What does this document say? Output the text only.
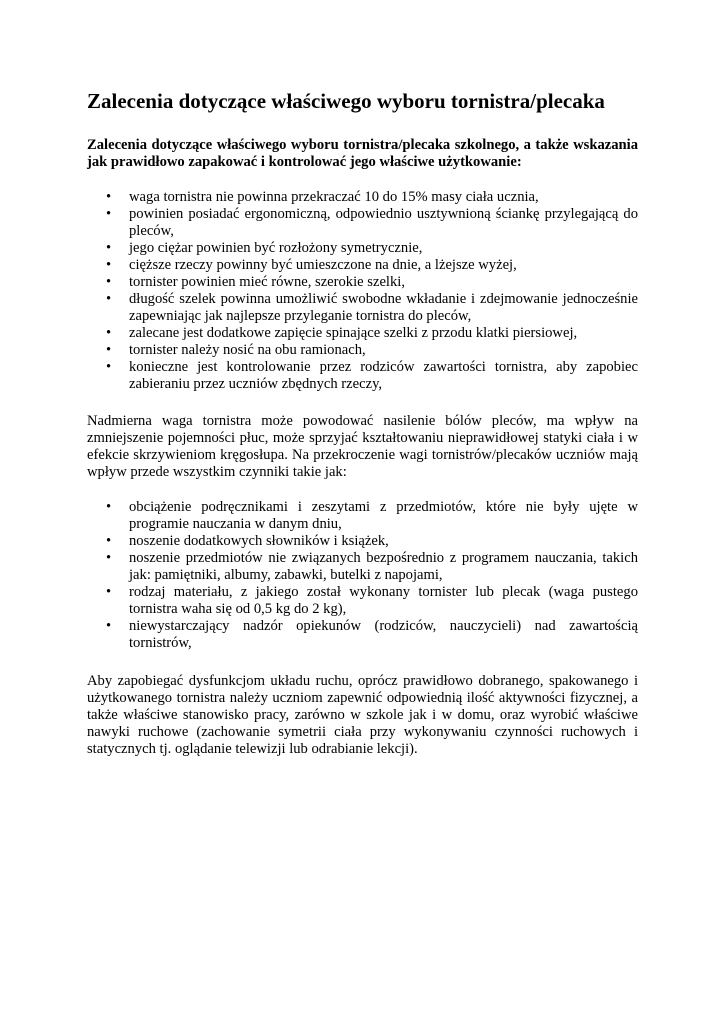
Zalecenia dotyczące właściwego wyboru tornistra/plecaka

Zalecenia dotyczące właściwego wyboru tornistra/plecaka szkolnego, a także wskazania jak prawidłowo zapakować i kontrolować jego właściwe użytkowanie:

• waga tornistra nie powinna przekraczać 10 do 15% masy ciała ucznia,
• powinien posiadać ergonomiczną, odpowiednio usztywnioną ściankę przylegającą do pleców,
• jego ciężar powinien być rozłożony symetrycznie,
• cięższe rzeczy powinny być umieszczone na dnie, a lżejsze wyżej,
• tornister powinien mieć równe, szerokie szelki,
• długość szelek powinna umożliwić swobodne wkładanie i zdejmowanie jednocześnie zapewniając jak najlepsze przyleganie tornistra do pleców,
• zalecane jest dodatkowe zapięcie spinające szelki z przodu klatki piersiowej,
• tornister należy nosić na obu ramionach,
• konieczne jest kontrolowanie przez rodziców zawartości tornistra, aby zapobiec zabieraniu przez uczniów zbędnych rzeczy,

Nadmierna waga tornistra może powodować nasilenie bólów pleców, ma wpływ na zmniejszenie pojemności płuc, może sprzyjać kształtowaniu nieprawidłowej statyki ciała i w efekcie skrzywieniom kręgosłupa. Na przekroczenie wagi tornistrów/plecaków uczniów mają wpływ przede wszystkim czynniki takie jak:

• obciążenie podręcznikami i zeszytami z przedmiotów, które nie były ujęte w programie nauczania w danym dniu,
• noszenie dodatkowych słowników i książek,
• noszenie przedmiotów nie związanych bezpośrednio z programem nauczania, takich jak: pamiętniki, albumy, zabawki, butelki z napojami,
• rodzaj materiału, z jakiego został wykonany tornister lub plecak (waga pustego tornistra waha się od 0,5 kg do 2 kg),
• niewystarczający nadzór opiekunów (rodziców, nauczycieli) nad zawartością tornistrów,

Aby zapobiegać dysfunkcjom układu ruchu, oprócz prawidłowo dobranego, spakowanego i użytkowanego tornistra należy uczniom zapewnić odpowiednią ilość aktywności fizycznej, a także właściwe stanowisko pracy, zarówno w szkole jak i w domu, oraz wyrobić właściwe nawyki ruchowe (zachowanie symetrii ciała przy wykonywaniu czynności ruchowych i statycznych tj. oglądanie telewizji lub odrabianie lekcji).
